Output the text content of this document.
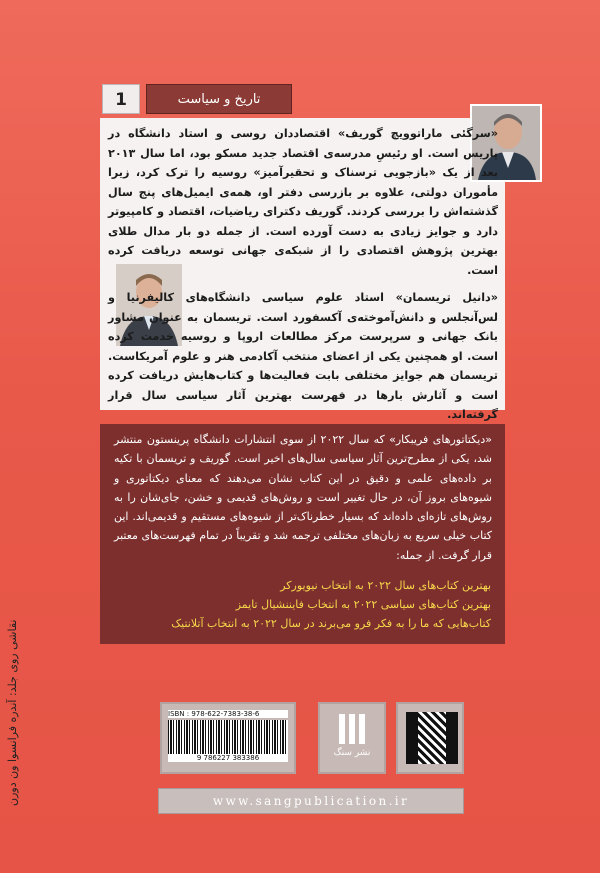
1	تاریخ و سیاست

«سرگئی ماراتوویچ گوریف» اقتصاددان روسی و استاد دانشگاه در پاریس است. او رئیسِ مدرسه‌ی اقتصاد جدید مسکو بود، اما سال ۲۰۱۳ بعد از یک «بازجویی ترسناک و تحقیرآمیز» روسیه را ترک کرد، زیرا مأموران دولتی، علاوه بر بازرسی دفتر او، همه‌ی ایمیل‌های پنج سال گذشته‌اش را بررسی کردند. گوریف دکترای ریاضیات، اقتصاد و کامپیوتر دارد و جوایز زیادی به دست آورده است. از جمله دو بار مدال طلای بهترین پژوهش اقتصادی را از شبکه‌ی جهانی توسعه دریافت کرده است.

«دانیل تریسمان» استاد علوم سیاسی دانشگاه‌های کالیفرنیا و لس‌آنجلس و دانش‌آموخته‌ی آکسفورد است. تریسمان به عنوان مشاور بانک جهانی و سرپرست مرکز مطالعات اروپا و روسیه خدمت کرده است. او همچنین یکی از اعضای منتخب آکادمی هنر و علوم آمریکاست. تریسمان هم جوایز مختلفی بابت فعالیت‌ها و کتاب‌هایش دریافت کرده است و آثارش بارها در فهرست بهترین آثار سیاسی سال قرار گرفته‌اند.

«دیکتاتورهای فریبکار» که سال ۲۰۲۲ از سوی انتشارات دانشگاه پرینستون منتشر شد، یکی از مطرح‌ترین آثار سیاسی سال‌های اخیر است. گوریف و تریسمان با تکیه بر داده‌های علمی و دقیق در این کتاب نشان می‌دهند که معنای دیکتاتوری و شیوه‌های بروز آن، در حال تغییر است و روش‌های قدیمی و خشن، جای‌شان را به روش‌های تازه‌ای داده‌اند که بسیار خطرناک‌تر از شیوه‌های مستقیم و قدیمی‌اند. این کتاب خیلی سریع به زبان‌های مختلفی ترجمه شد و تقریباً در تمام فهرست‌های معتبر قرار گرفت. از جمله:

بهترین کتاب‌های سال ۲۰۲۲ به انتخاب نیویورکر
بهترین کتاب‌های سیاسی ۲۰۲۲ به انتخاب فایننشیال تایمز
کتاب‌هایی که ما را به فکر فرو می‌برند در سال ۲۰۲۲ به انتخاب آتلانتیک
ISBN : 978-622-7383-38-6

9 786227 383386	نشر سنگ

www.sangpublication.ir
نقاشی روی جلد: آندره فرانسوا ون دورن
